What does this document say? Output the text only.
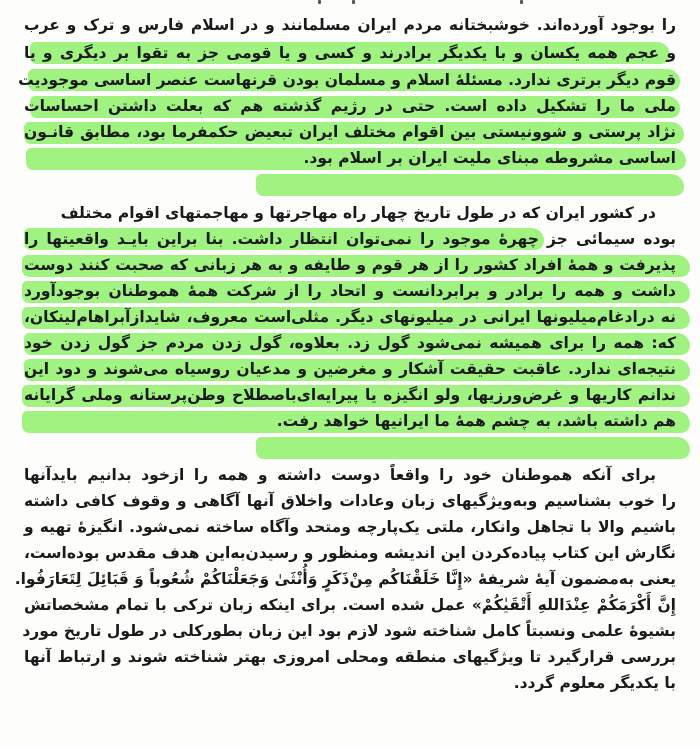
را بوجود آورده‌اند. خوشبختانه مردم ایران مسلمانند و در اسلام فارس و ترک و عرب
و عجم همه یکسان و با یکدیگر برادرند و کسی و یا قومی جز به تقوا بر دیگری و یا
قوم دیگر برتری ندارد. مسئلهٔ اسلام و مسلمان بودن قرنهاست عنصر اساسی موجودیت
ملی ما را تشکیل داده است. حتی در رژیم گذشته هم که بعلت داشتن احساسات
نژاد پرستی و شوونیستی بین اقوام مختلف ایران تبعیض حکمفرما بود، مطابق قانـون
اساسی مشروطه مبنای ملیت ایران بر اسلام بود.
در کشور ایران که در طول تاریخ چهار راه مهاجرتها و مهاجمتهای اقوام مختلف
بوده سیمائی جز چهرهٔ موجود را نمی‌توان انتظار داشت. بنا براین بایـد واقعیتها را
پذیرفت و همهٔ افراد کشور را از هر قوم و طایفه و به هر زبانی که صحبت کنند دوست
داشت و همه را برادر و برابردانست و اتحاد را از شرکت همهٔ هموطنان بوجودآورد
نه درادغام‌میلیونها ایرانی در میلیونهای دیگر. مثلی‌است معروف، شایدازآبراهام‌لینکان،
که: همه را برای همیشه نمی‌شود گول زد. بعلاوه، گول زدن مردم جز گول زدن خود
نتیجه‌ای ندارد. عاقبت حقیقت آشکار و مغرضین و مدعیان روسیاه می‌شوند و دود این
ندانم کاریها و غرض‌ورزیها، ولو انگیزه یا پیرایه‌ای‌باصطلاح وطن‌پرستانه وملی گرایانه
هم داشته باشد، به چشم همهٔ ما ایرانیها خواهد رفت.
برای آنکه هموطنان خود را واقعاً دوست داشته و همه را ازخود بدانیم بایدآنها
را خوب بشناسیم وبه‌ویژگیهای زبان وعادات واخلاق آنها آگاهی و وقوف کافی داشته
باشیم والا با تجاهل وانکار، ملتی یک‌پارچه ومتحد وآگاه ساخته نمی‌شود. انگیزهٔ تهیه و
نگارش این کتاب پیاده‌کردن این اندیشه ومنظور و رسیدن‌به‌این هدف مقدس بوده‌است،
یعنی به‌مضمون آیهٔ شریفهٔ «إِنَّا خَلَقْنَاکُم مِنْ‌ذَکَرٍ وَأُنْثَیٰ وَجَعَلْنَاکُمْ شُعُوباً وَ قَبَائِلَ لِتَعَارَفُوا.
إِنَّ أَکْرَمَکُمْ عِنْدَاللهِ أَتْقَیٰکُمْ» عمل شده است. برای اینکه زبان ترکی با تمام مشخصاتش
بشیوهٔ علمی ونسبتاً کامل شناخته شود لازم بود این زبان بطورکلی در طول تاریخ مورد
بررسی قرارگیرد تا ویژگیهای منطقه ومحلی امروزی بهتر شناخته شوند و ارتباط آنها
با یکدیگر معلوم گردد.
